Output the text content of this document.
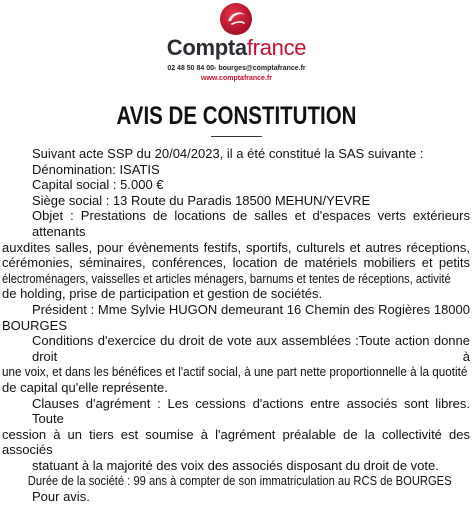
Comptafrance
02 48 50 84 00- bourges@comptafrance.fr
www.comptafrance.fr
AVIS DE CONSTITUTION
Suivant acte SSP du 20/04/2023, il a été constitué la SAS suivante :
Dénomination: ISATIS
Capital social : 5.000 €
Siège social : 13 Route du Paradis 18500 MEHUN/YEVRE
Objet : Prestations de locations de salles et d'espaces verts extérieurs attenants
auxdites salles, pour évènements festifs, sportifs, culturels et autres réceptions,
cérémonies, séminaires, conférences, location de matériels mobiliers et petits
électroménagers, vaisselles et articles ménagers, barnums et tentes de réceptions, activité
de holding, prise de participation et gestion de sociétés.
Président : Mme Sylvie HUGON demeurant 16 Chemin des Rogières 18000
BOURGES
Conditions d'exercice du droit de vote aux assemblées :Toute action donne droit à
une voix, et dans les bénéfices et l'actif social, à une part nette proportionnelle à la quotité
de capital qu'elle représente.
Clauses d'agrément : Les cessions d'actions entre associés sont libres. Toute
cession à un tiers est soumise à l'agrément préalable de la collectivité des associés
statuant à la majorité des voix des associés disposant du droit de vote.
Durée de la société : 99 ans à compter de son immatriculation au RCS de BOURGES
Pour avis.
